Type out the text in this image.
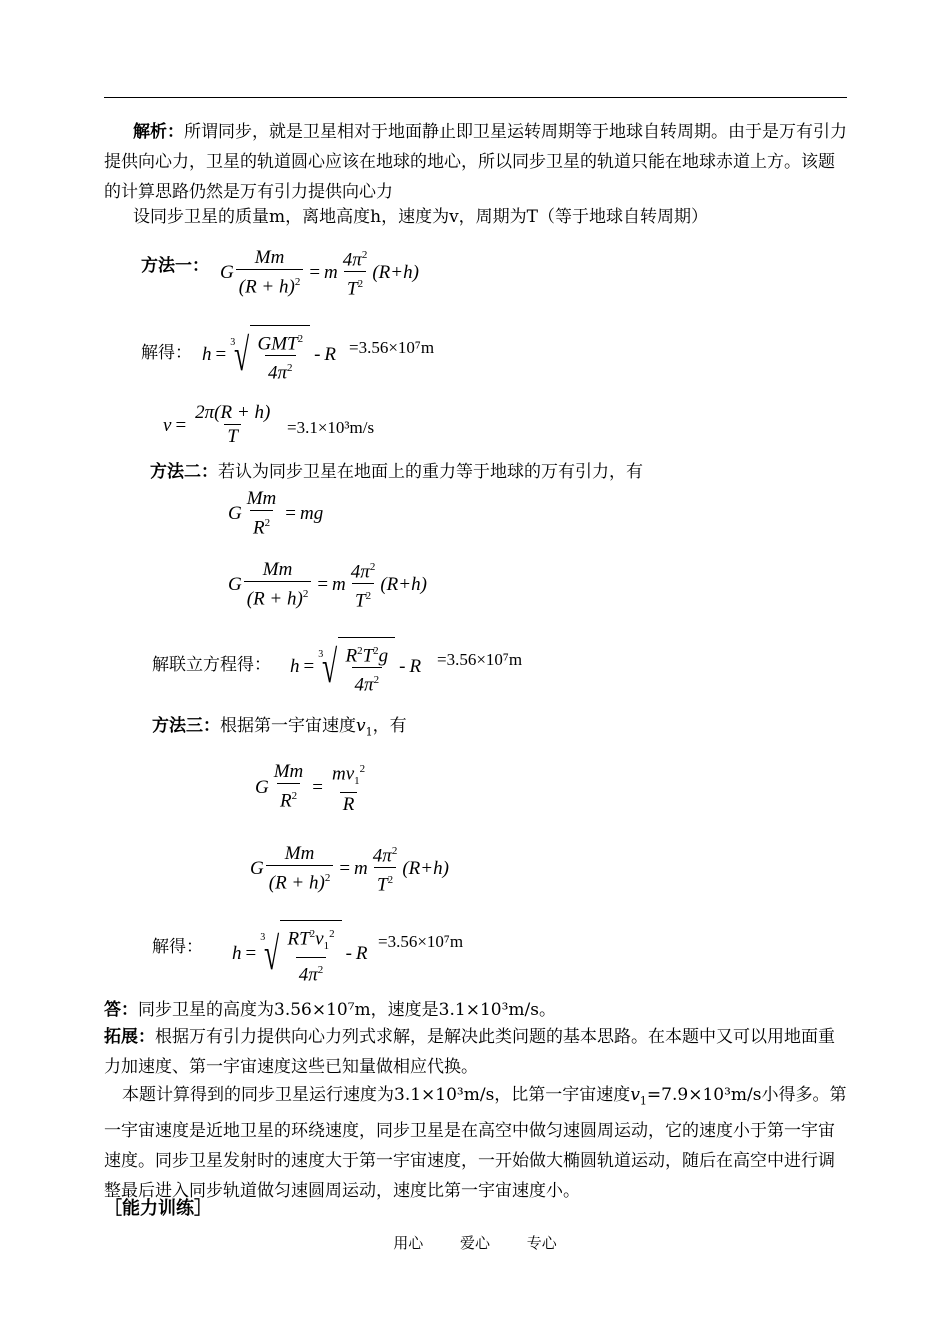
解析：所谓同步，就是卫星相对于地面静止即卫星运转周期等于地球自转周期。由于是万有引力提供向心力，卫星的轨道圆心应该在地球的地心，所以同步卫星的轨道只能在地球赤道上方。该题的计算思路仍然是万有引力提供向心力

设同步卫星的质量m，离地高度h，速度为v，周期为T（等于地球自转周期）
方法一： G $\frac{Mm}{(R + h)^2} = m \frac{4\pi^2}{T^2}$ ( R + h )
解得： h =
3 √ $\frac{GMT^2}{4\pi^2} - R =3.56\times 10^7m$
$v = \frac{2\pi(R + h)}{T} =3.1\times 10^3m/s$
方法二：若认为同步卫星在地面上的重力等于地球的万有引力，有
G $\frac{Mm}{R^2}$ = mg
G $\frac{Mm}{(R + h)^2} = m \frac{4\pi^2}{T^2}$ ( R + h )
解联立方程得： h =
3 √ $\frac{R^2T^2g}{4\pi^2} - R =3.56\times 10^7m$
方法三：根据第一宇宙速度$v_1$，有
G $\frac{Mm}{R^2} = \frac{mv_1^2}{R}$
G $\frac{Mm}{(R + h)^2} = m \frac{4\pi^2}{T^2}$ ( R + h )
解得： h =
3 √ $\frac{RT^2v_1^2}{4\pi^2}$ - R
=3.56×10⁷m
答：同步卫星的高度为3.56×10⁷m，速度是3.1×10³m/s。

拓展：根据万有引力提供向心力列式求解，是解决此类问题的基本思路。在本题中又可以用地面重力加速度、第一宇宙速度这些已知量做相应代换。

本题计算得到的同步卫星运行速度为3.1×10³m/s，比第一宇宙速度$v_1=7.9\times 10^3m/s$小得多。第一宇宙速度是近地卫星的环绕速度，同步卫星是在高空中做匀速圆周运动，它的速度小于第一宇宙速度。同步卫星发射时的速度大于第一宇宙速度，一开始做大椭圆轨道运动，随后在高空中进行调整最后进入同步轨道做匀速圆周运动，速度比第一宇宙速度小。

［能力训练］
用心 爱心 专心
